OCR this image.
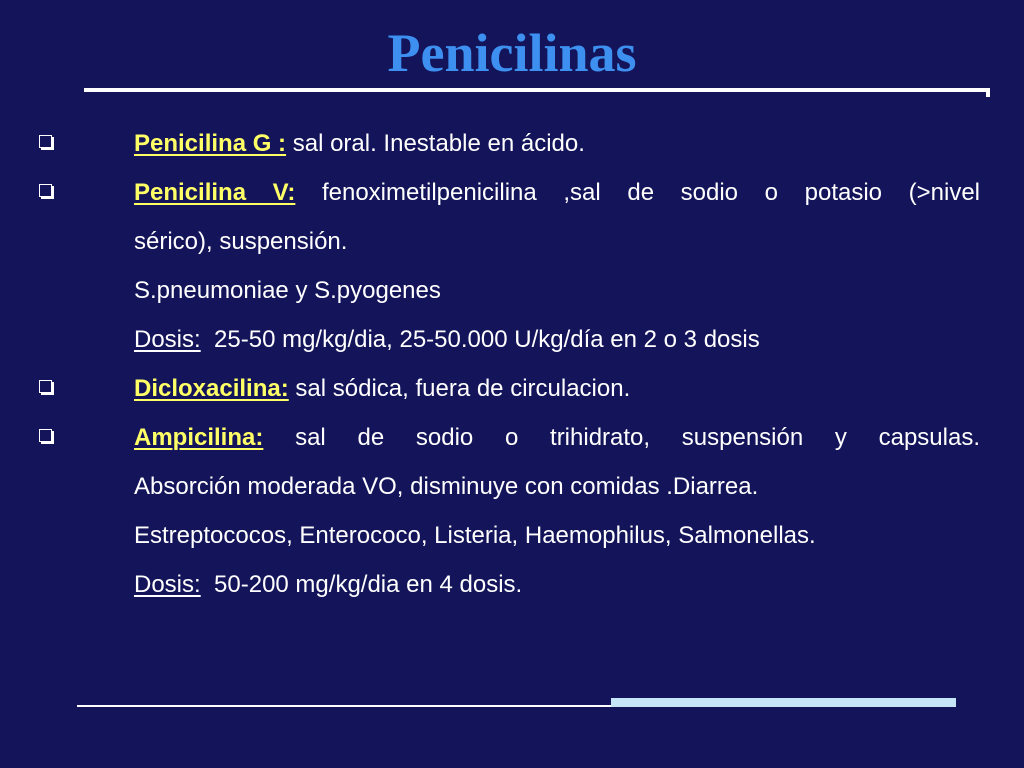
Penicilinas
Penicilina G : sal oral. Inestable en ácido.
Penicilina V: fenoximetilpenicilina ,sal de sodio o potasio (>nivel
sérico), suspensión.
S.pneumoniae y S.pyogenes
Dosis: 25-50 mg/kg/dia, 25-50.000 U/kg/día en 2 o 3 dosis
Dicloxacilina: sal sódica, fuera de circulacion.
Ampicilina: sal de sodio o trihidrato, suspensión y capsulas.
Absorción moderada VO, disminuye con comidas .Diarrea.
Estreptococos, Enterococo, Listeria, Haemophilus, Salmonellas.
Dosis: 50-200 mg/kg/dia en 4 dosis.
